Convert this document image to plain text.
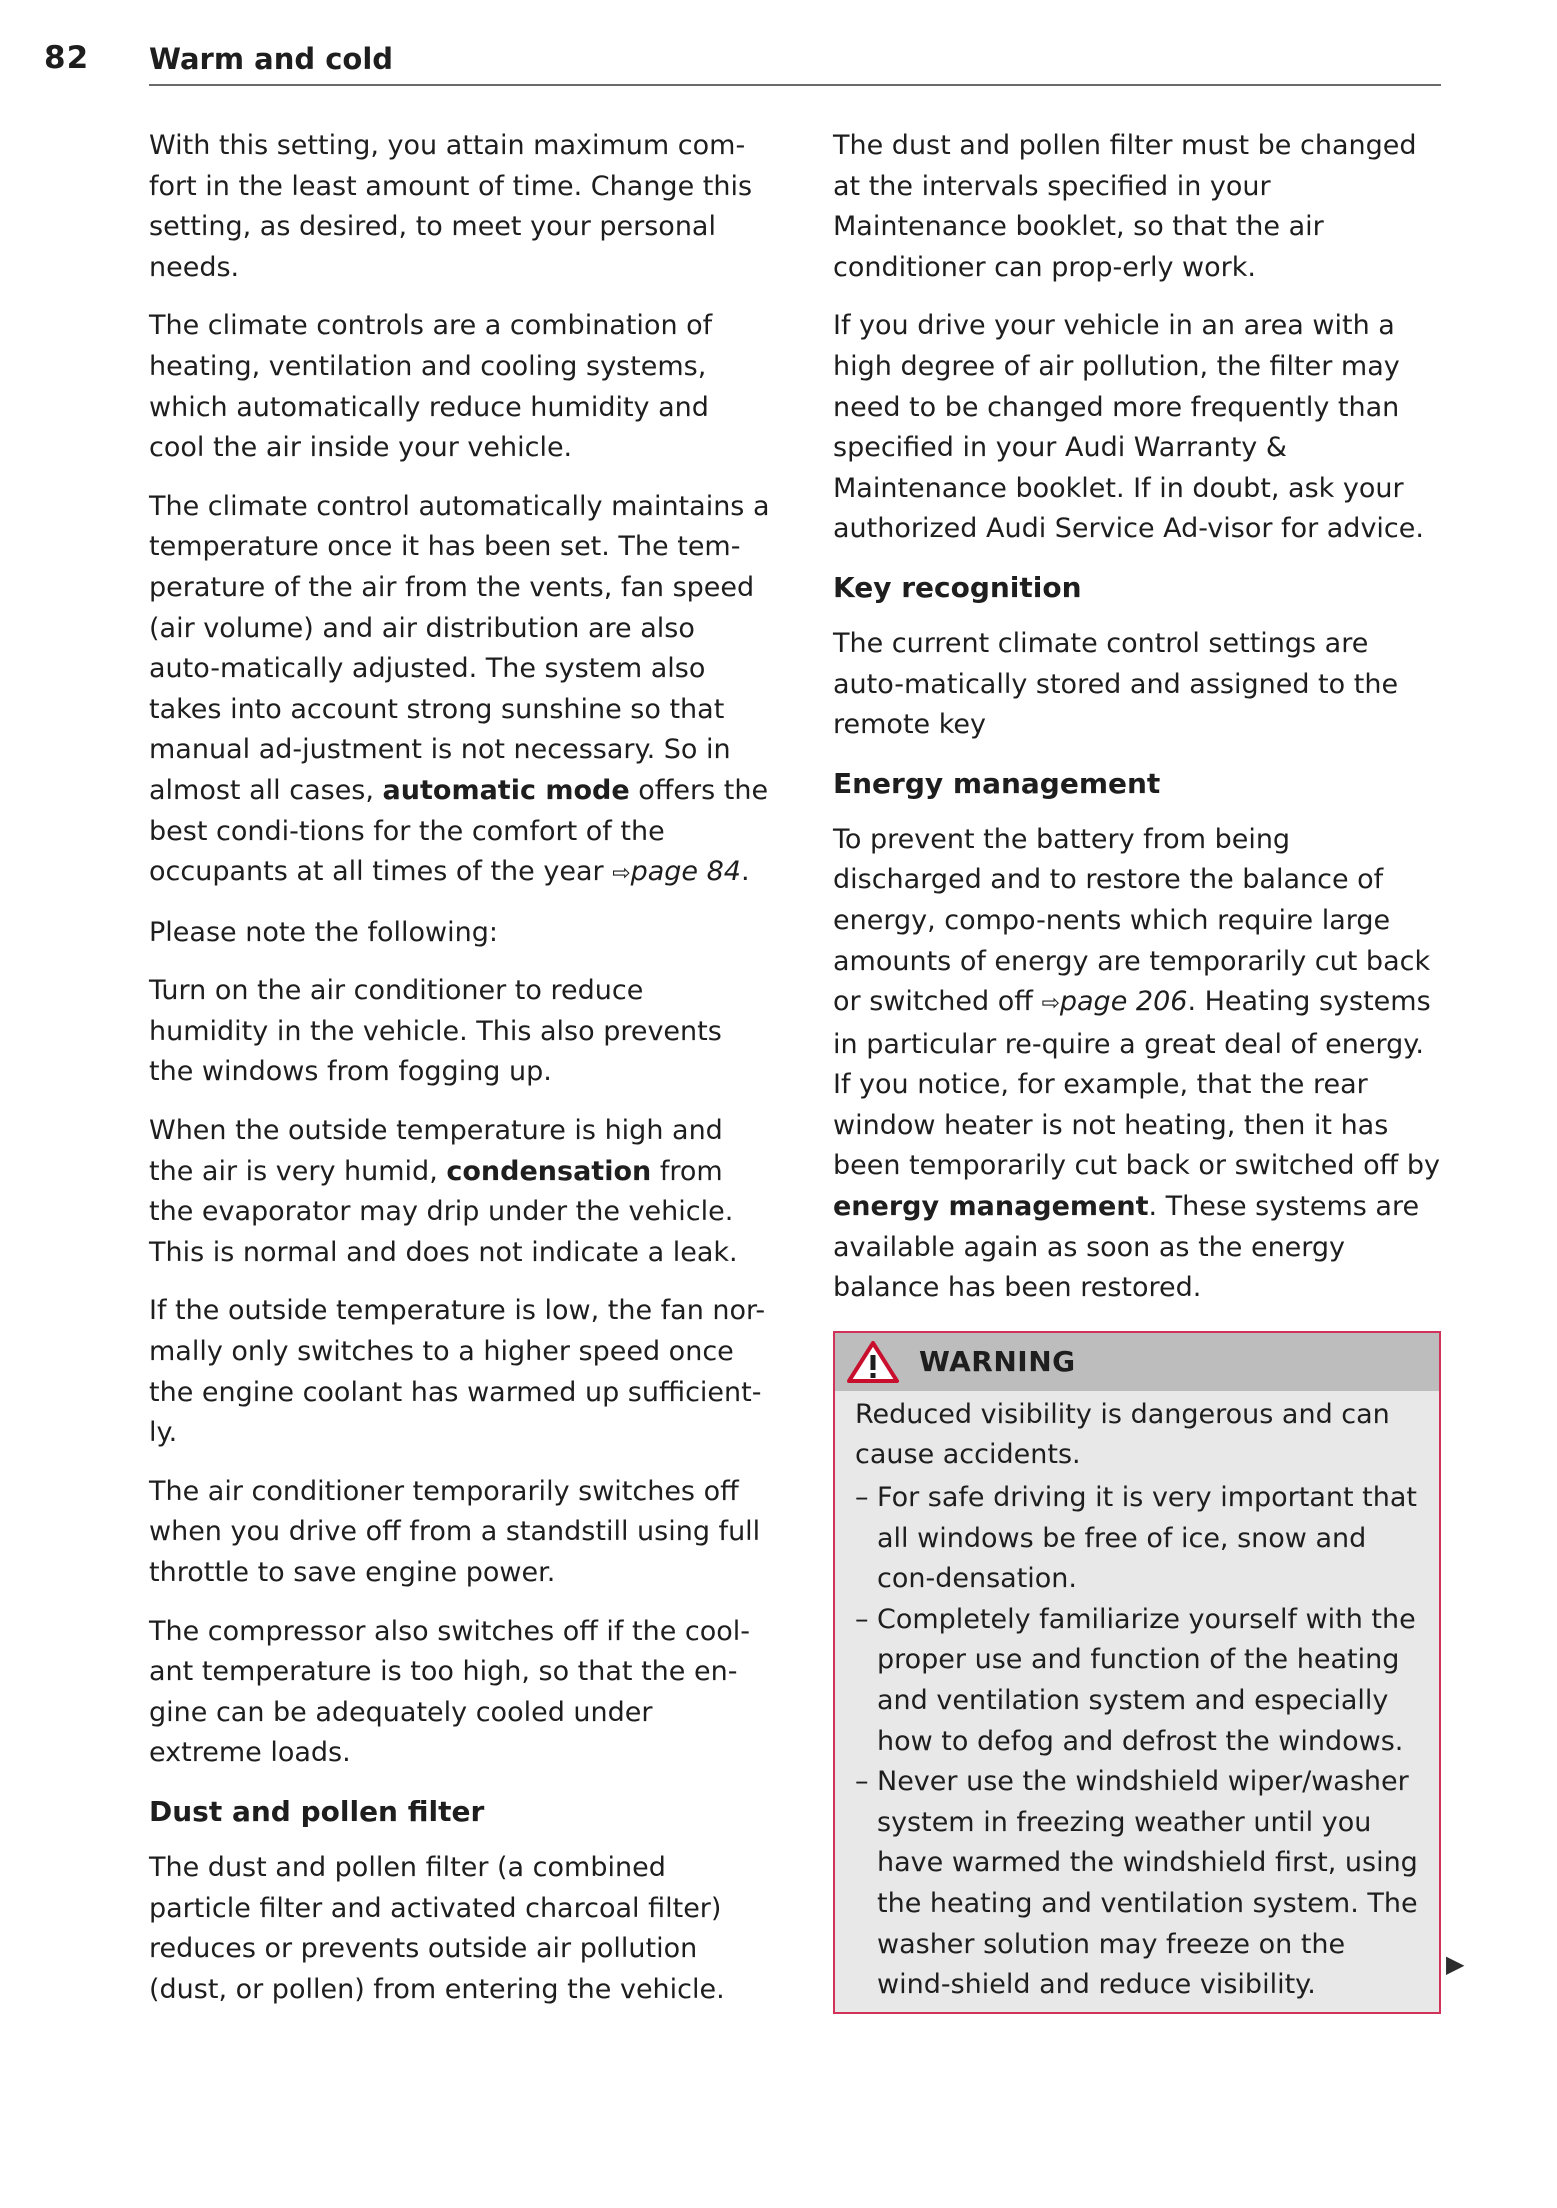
82 Warm and cold

With this setting, you attain maximum com-fort in the least amount of time. Change this setting, as desired, to meet your personal needs.

The climate controls are a combination of heating, ventilation and cooling systems, which automatically reduce humidity and cool the air inside your vehicle.

The climate control automatically maintains a temperature once it has been set. The tem-perature of the air from the vents, fan speed (air volume) and air distribution are also auto-matically adjusted. The system also takes into account strong sunshine so that manual ad-justment is not necessary. So in almost all cases, automatic mode offers the best condi-tions for the comfort of the occupants at all times of the year ⇨page 84.

Please note the following:

Turn on the air conditioner to reduce humidity in the vehicle. This also prevents the windows from fogging up.

When the outside temperature is high and the air is very humid, condensation from the evaporator may drip under the vehicle. This is normal and does not indicate a leak.

If the outside temperature is low, the fan nor-mally only switches to a higher speed once the engine coolant has warmed up sufficient-ly.

The air conditioner temporarily switches off when you drive off from a standstill using full throttle to save engine power.

The compressor also switches off if the cool-ant temperature is too high, so that the en-gine can be adequately cooled under extreme loads.

Dust and pollen filter

The dust and pollen filter (a combined particle filter and activated charcoal filter) reduces or prevents outside air pollution (dust, or pollen) from entering the vehicle.

The dust and pollen filter must be changed at the intervals specified in your Maintenance booklet, so that the air conditioner can prop-erly work.

If you drive your vehicle in an area with a high degree of air pollution, the filter may need to be changed more frequently than specified in your Audi Warranty & Maintenance booklet. If in doubt, ask your authorized Audi Service Ad-visor for advice.

Key recognition

The current climate control settings are auto-matically stored and assigned to the remote key

Energy management

To prevent the battery from being discharged and to restore the balance of energy, compo-nents which require large amounts of energy are temporarily cut back or switched off ⇨page 206. Heating systems in particular re-quire a great deal of energy. If you notice, for example, that the rear window heater is not heating, then it has been temporarily cut back or switched off by energy management. These systems are available again as soon as the energy balance has been restored.

WARNING

Reduced visibility is dangerous and can cause accidents.

– For safe driving it is very important that all windows be free of ice, snow and con-densation.
– Completely familiarize yourself with the proper use and function of the heating and ventilation system and especially how to defog and defrost the windows.
– Never use the windshield wiper/washer system in freezing weather until you have warmed the windshield first, using the heating and ventilation system. The washer solution may freeze on the wind-shield and reduce visibility.
▶
